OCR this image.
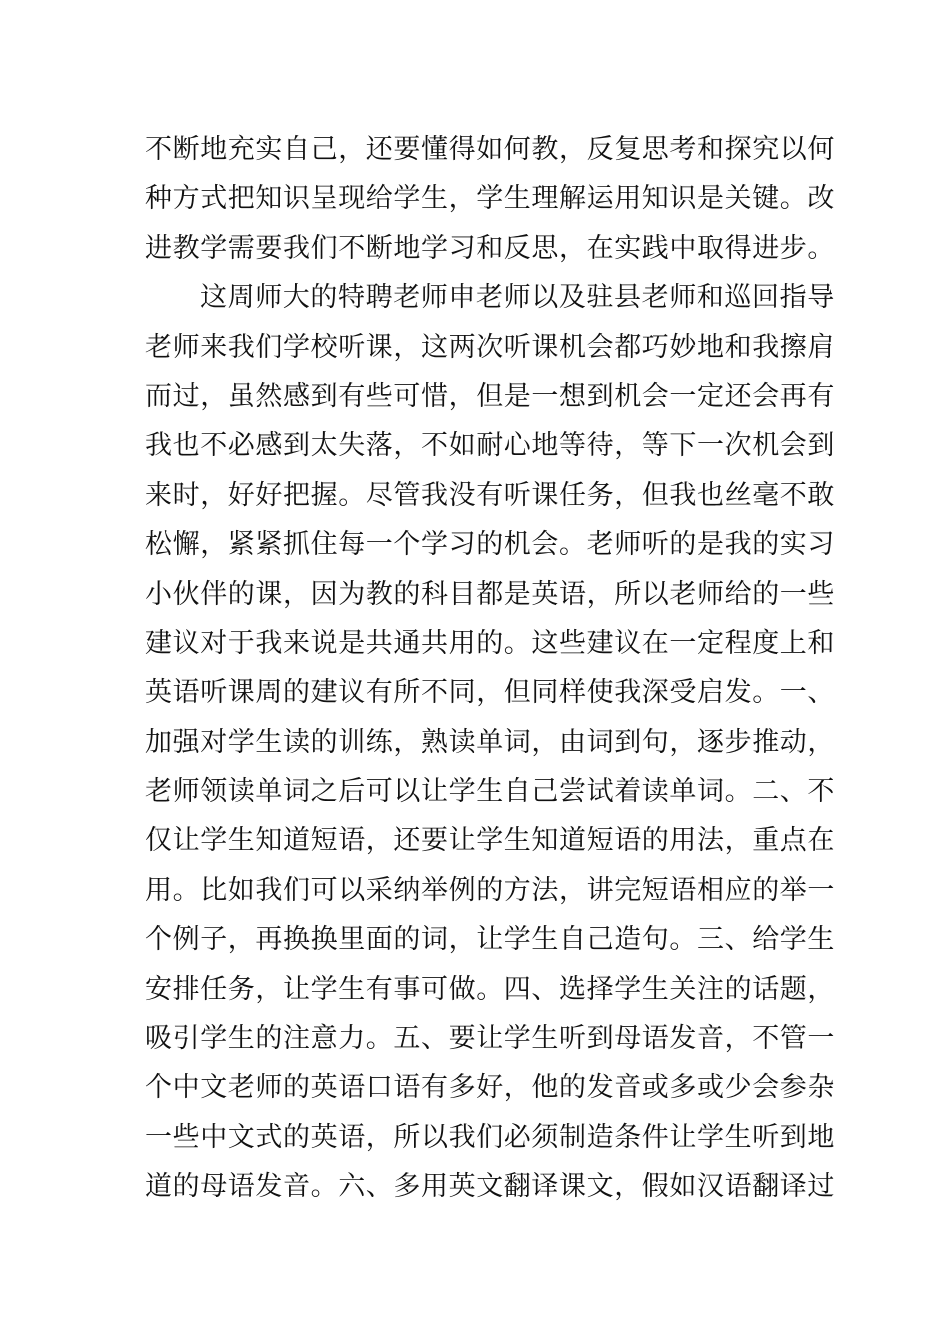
不断地充实自己，还要懂得如何教，反复思考和探究以何
种方式把知识呈现给学生，学生理解运用知识是关键。改
进教学需要我们不断地学习和反思，在实践中取得进步。
这周师大的特聘老师申老师以及驻县老师和巡回指导
老师来我们学校听课，这两次听课机会都巧妙地和我擦肩
而过，虽然感到有些可惜，但是一想到机会一定还会再有
我也不必感到太失落，不如耐心地等待，等下一次机会到
来时，好好把握。尽管我没有听课任务，但我也丝毫不敢
松懈，紧紧抓住每一个学习的机会。老师听的是我的实习
小伙伴的课，因为教的科目都是英语，所以老师给的一些
建议对于我来说是共通共用的。这些建议在一定程度上和
英语听课周的建议有所不同，但同样使我深受启发。一、
加强对学生读的训练，熟读单词，由词到句，逐步推动，
老师领读单词之后可以让学生自己尝试着读单词。二、不
仅让学生知道短语，还要让学生知道短语的用法，重点在
用。比如我们可以采纳举例的方法，讲完短语相应的举一
个例子，再换换里面的词，让学生自己造句。三、给学生
安排任务，让学生有事可做。四、选择学生关注的话题，
吸引学生的注意力。五、要让学生听到母语发音，不管一
个中文老师的英语口语有多好，他的发音或多或少会参杂
一些中文式的英语，所以我们必须制造条件让学生听到地
道的母语发音。六、多用英文翻译课文，假如汉语翻译过
